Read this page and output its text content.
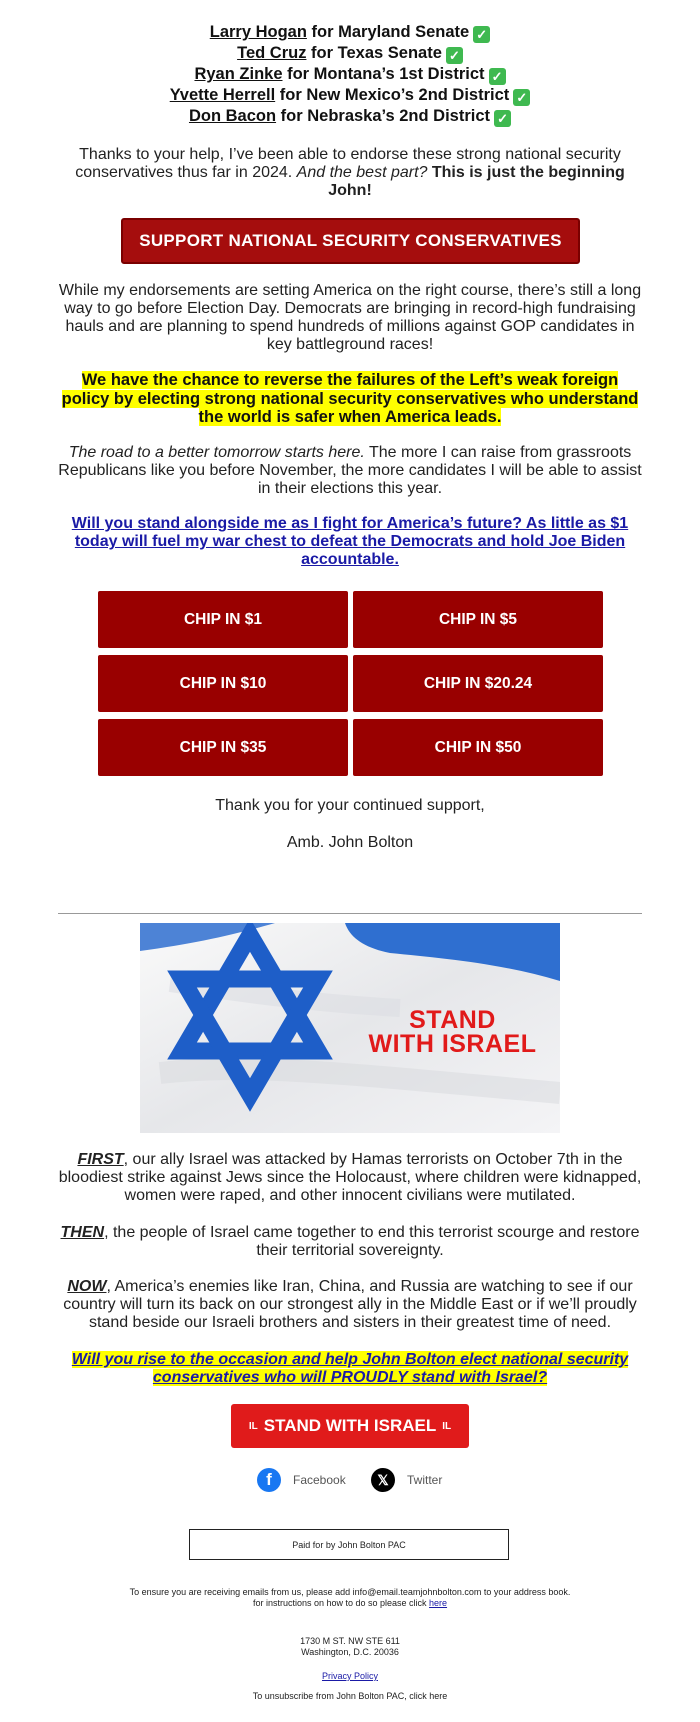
Larry Hogan for Maryland Senate ✓
Ted Cruz for Texas Senate ✓
Ryan Zinke for Montana’s 1st District ✓
Yvette Herrell for New Mexico’s 2nd District ✓
Don Bacon for Nebraska’s 2nd District ✓
Thanks to your help, I’ve been able to endorse these strong national security conservatives thus far in 2024. And the best part? This is just the beginning John!
SUPPORT NATIONAL SECURITY CONSERVATIVES
While my endorsements are setting America on the right course, there’s still a long way to go before Election Day. Democrats are bringing in record-high fundraising hauls and are planning to spend hundreds of millions against GOP candidates in key battleground races!
We have the chance to reverse the failures of the Left’s weak foreign policy by electing strong national security conservatives who understand the world is safer when America leads.
The road to a better tomorrow starts here. The more I can raise from grassroots Republicans like you before November, the more candidates I will be able to assist in their elections this year.
Will you stand alongside me as I fight for America’s future? As little as $1 today will fuel my war chest to defeat the Democrats and hold Joe Biden accountable.
CHIP IN $1	CHIP IN $5
CHIP IN $10	CHIP IN $20.24
CHIP IN $35	CHIP IN $50
Thank you for your continued support,
Amb. John Bolton
STAND
WITH ISRAEL
FIRST, our ally Israel was attacked by Hamas terrorists on October 7th in the bloodiest strike against Jews since the Holocaust, where children were kidnapped, women were raped, and other innocent civilians were mutilated.
THEN, the people of Israel came together to end this terrorist scourge and restore their territorial sovereignty.
NOW, America’s enemies like Iran, China, and Russia are watching to see if our country will turn its back on our strongest ally in the Middle East or if we’ll proudly stand beside our Israeli brothers and sisters in their greatest time of need.
Will you rise to the occasion and help John Bolton elect national security conservatives who will PROUDLY stand with Israel?
IL STAND WITH ISRAEL IL
f	Facebook	𝕏	Twitter
Paid for by John Bolton PAC
To ensure you are receiving emails from us, please add info@email.teamjohnbolton.com to your address book.
for instructions on how to do so please click here
1730 M ST. NW STE 611
Washington, D.C. 20036
Privacy Policy
To unsubscribe from John Bolton PAC, click here
